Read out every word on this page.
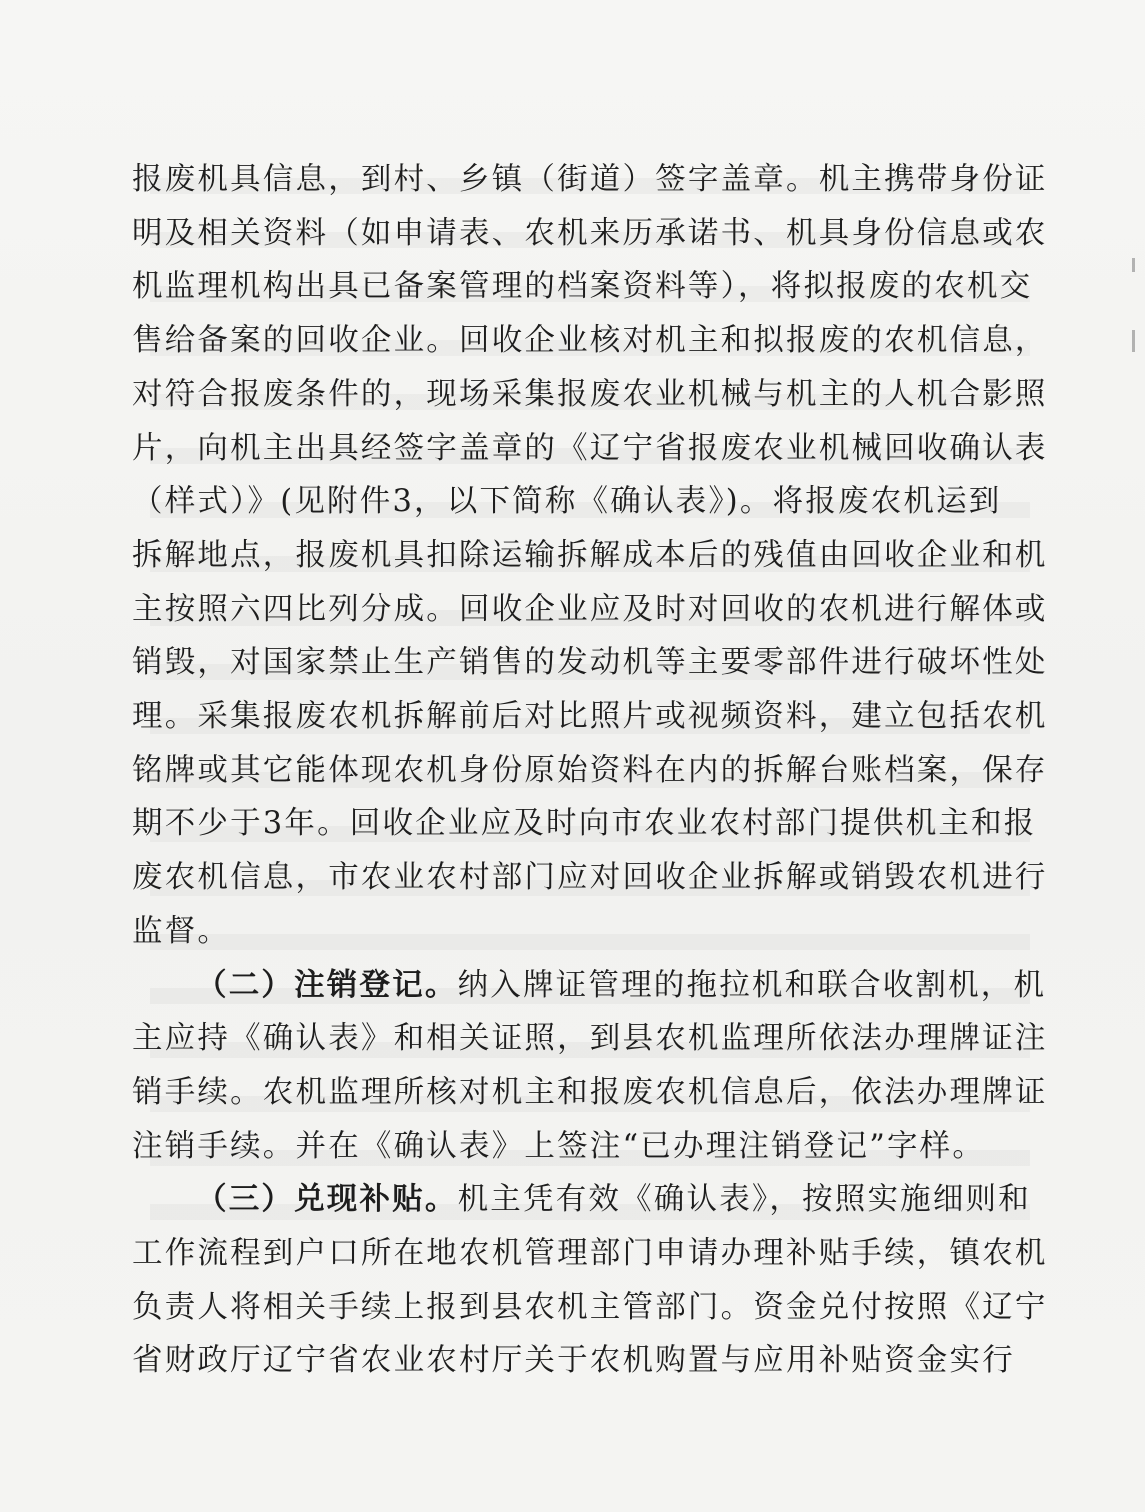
报废机具信息，到村、乡镇（街道）签字盖章。机主携带身份证
明及相关资料（如申请表、农机来历承诺书、机具身份信息或农
机监理机构出具已备案管理的档案资料等），将拟报废的农机交
售给备案的回收企业。回收企业核对机主和拟报废的农机信息，
对符合报废条件的，现场采集报废农业机械与机主的人机合影照
片，向机主出具经签字盖章的《辽宁省报废农业机械回收确认表
（样式）》(见附件3，以下简称《确认表》)。将报废农机运到
拆解地点，报废机具扣除运输拆解成本后的残值由回收企业和机
主按照六四比列分成。回收企业应及时对回收的农机进行解体或
销毁，对国家禁止生产销售的发动机等主要零部件进行破坏性处
理。采集报废农机拆解前后对比照片或视频资料，建立包括农机
铭牌或其它能体现农机身份原始资料在内的拆解台账档案，保存
期不少于3年。回收企业应及时向市农业农村部门提供机主和报
废农机信息，市农业农村部门应对回收企业拆解或销毁农机进行
监督。
（二）注销登记。纳入牌证管理的拖拉机和联合收割机，机
主应持《确认表》和相关证照，到县农机监理所依法办理牌证注
销手续。农机监理所核对机主和报废农机信息后，依法办理牌证
注销手续。并在《确认表》上签注“已办理注销登记”字样。
（三）兑现补贴。机主凭有效《确认表》，按照实施细则和
工作流程到户口所在地农机管理部门申请办理补贴手续，镇农机
负责人将相关手续上报到县农机主管部门。资金兑付按照《辽宁
省财政厅辽宁省农业农村厅关于农机购置与应用补贴资金实行
